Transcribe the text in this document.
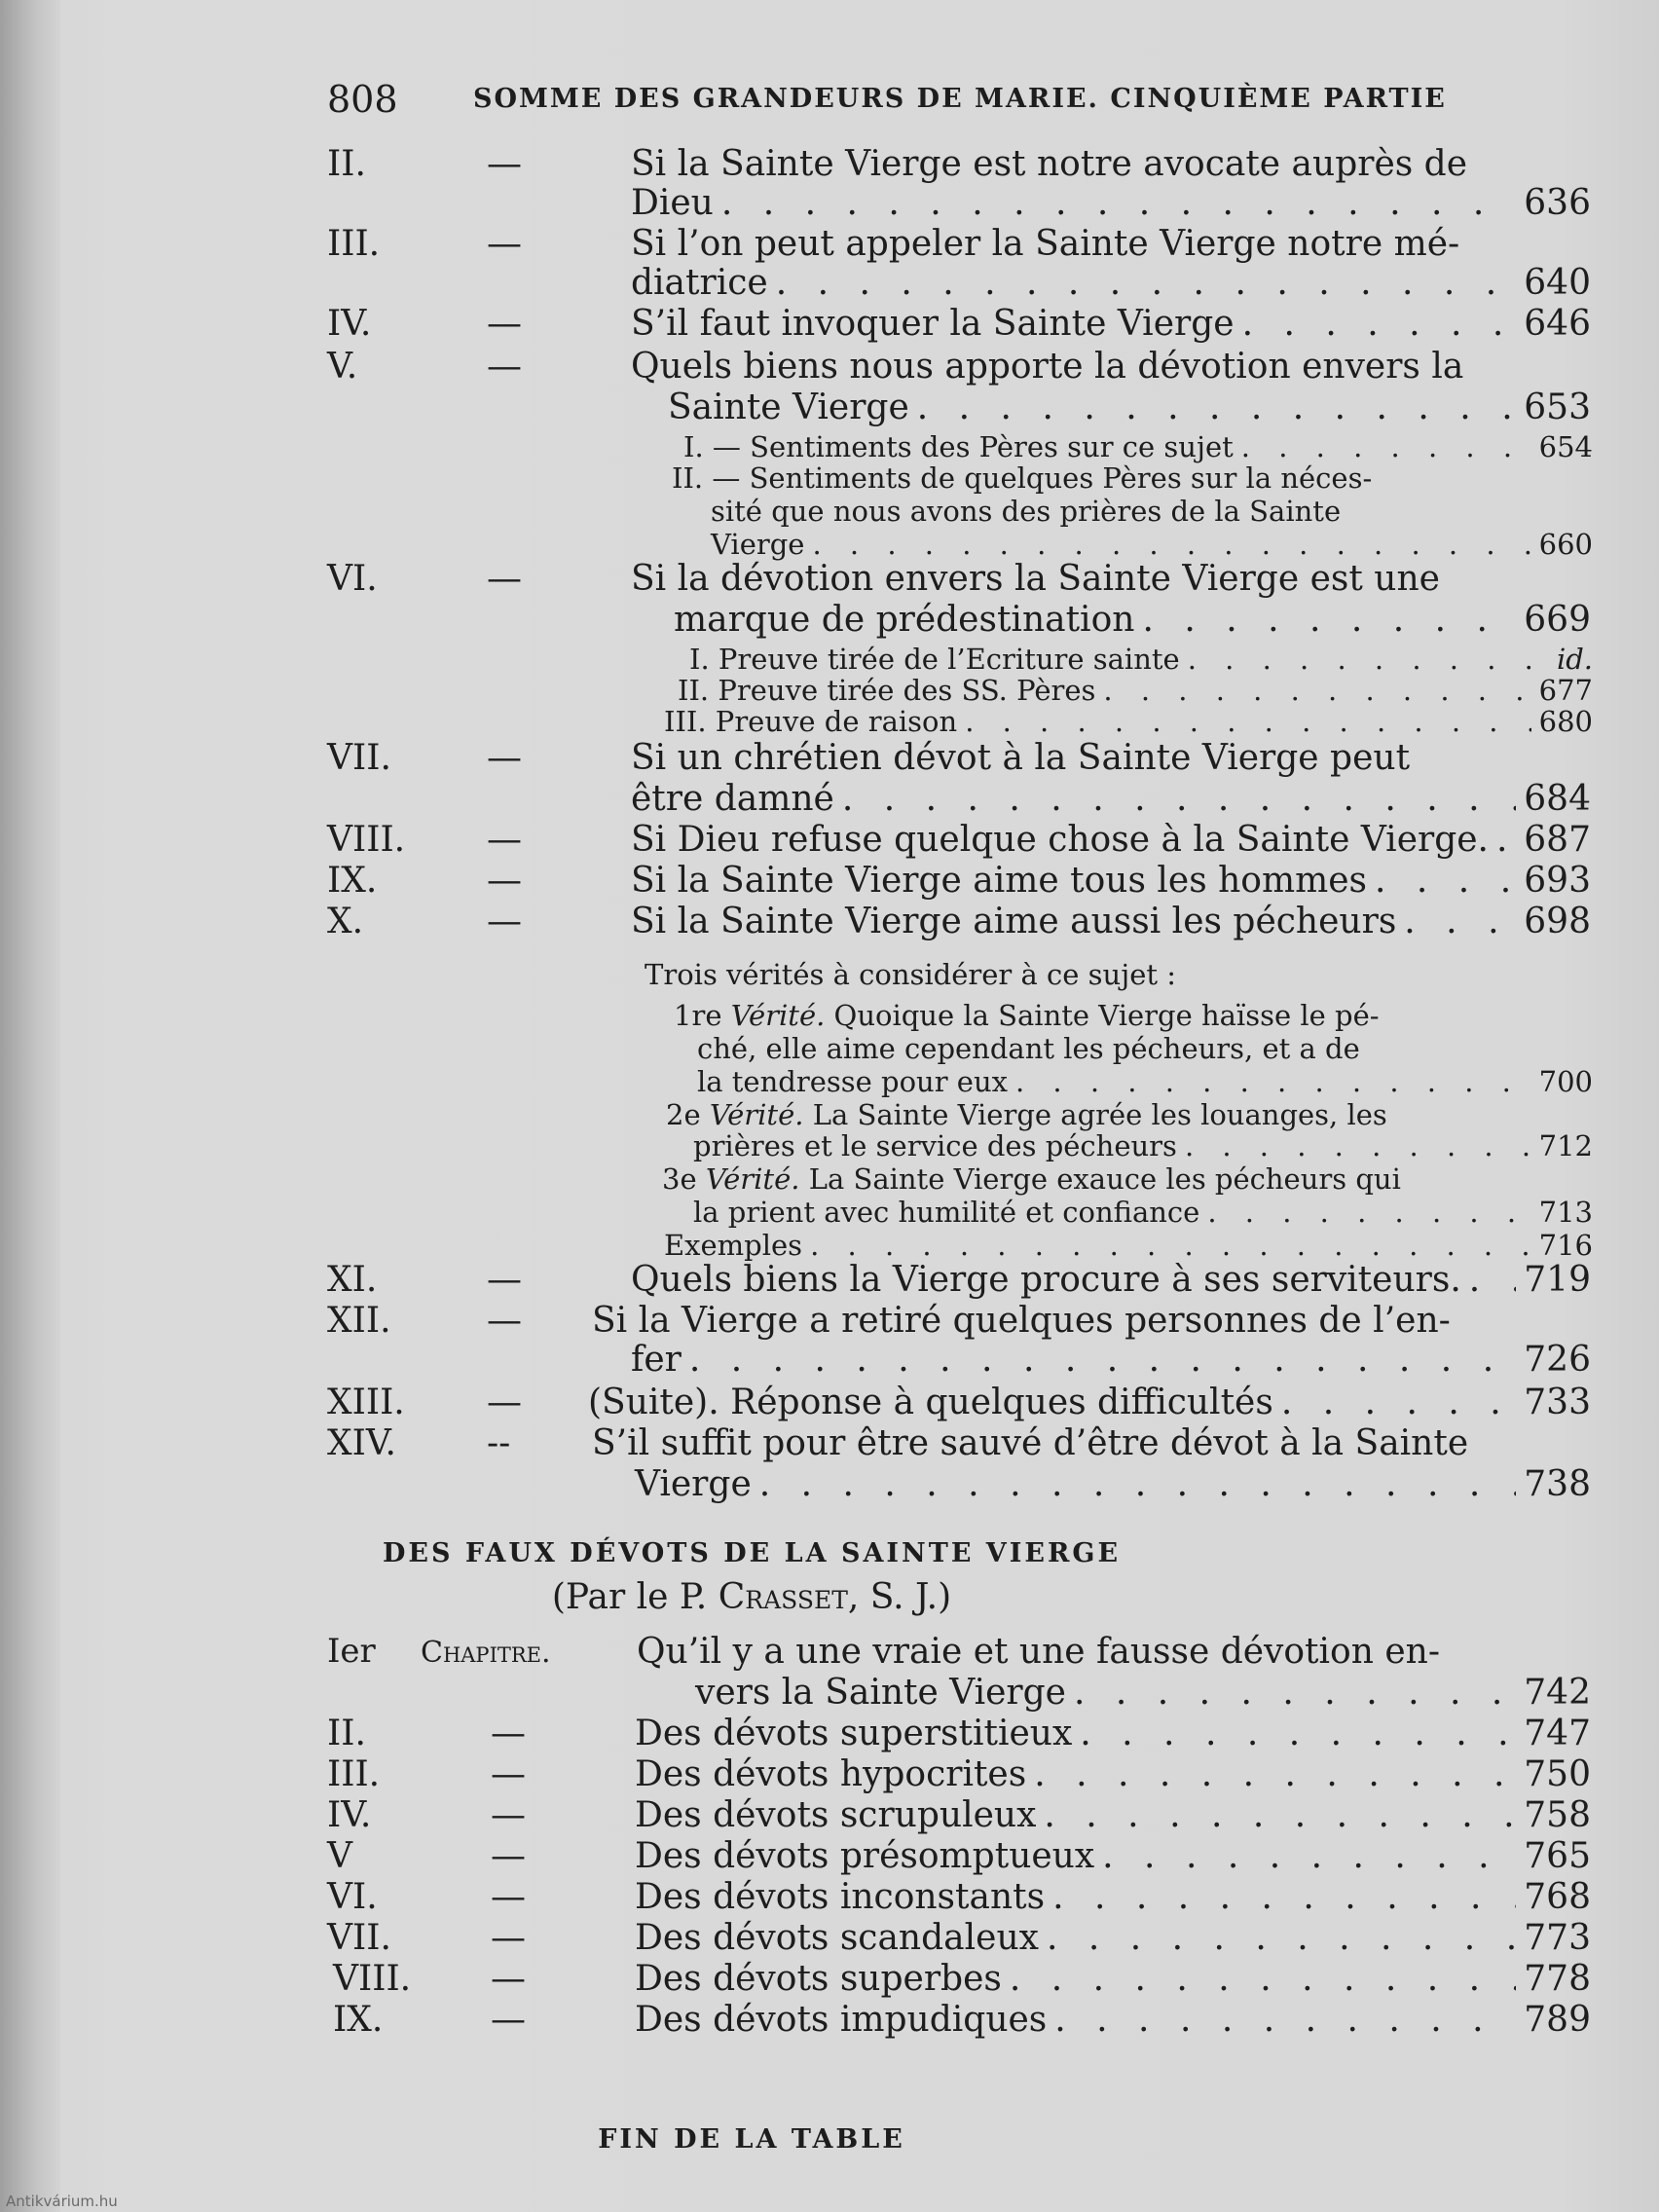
808	SOMME DES GRANDEURS DE MARIE. CINQUIÈME PARTIE
II.	—	Si la Sainte Vierge est notre avocate auprès de
Dieu . . .	636
III.	—	Si l’on peut appeler la Sainte Vierge notre mé-
diatrice . . .	640
IV.	—	S’il faut invoquer la Sainte Vierge . . .	646
V.	—	Quels biens nous apporte la dévotion envers la
Sainte Vierge . . .	653
I. — Sentiments des Pères sur ce sujet . . .	654
II. — Sentiments de quelques Pères sur la néces-
sité que nous avons des prières de la Sainte
Vierge . . .	660
VI.	—	Si la dévotion envers la Sainte Vierge est une
marque de prédestination . . .	669
I. Preuve tirée de l’Ecriture sainte . . .	id.
II. Preuve tirée des SS. Pères . . .	677
III. Preuve de raison . . .	680
VII.	—	Si un chrétien dévot à la Sainte Vierge peut
être damné . . .	684
VIII. —	Si Dieu refuse quelque chose à la Sainte Vierge. . . . 687
IX.	—	Si la Sainte Vierge aime tous les hommes . . .	693
X.	—	Si la Sainte Vierge aime aussi les pécheurs . . .	698
Trois vérités à considérer à ce sujet :
1re Vérité. Quoique la Sainte Vierge haïsse le pé-
ché, elle aime cependant les pécheurs, et a de
la tendresse pour eux . . .	700
2e Vérité. La Sainte Vierge agrée les louanges, les
prières et le service des pécheurs . . .	712
3e Vérité. La Sainte Vierge exauce les pécheurs qui
la prient avec humilité et confiance . . .	713
Exemples . . .	716
XI.	—	Quels biens la Vierge procure à ses serviteurs. . . . 719
XII.	— Si la Vierge a retiré quelques personnes de l’en-
fer . . .	726
XIII. — (Suite). Réponse à quelques difficultés . . .	733
XIV.	-- S’il suffit pour être sauvé d’être dévot à la Sainte
Vierge . . .	738
DES FAUX DÉVOTS DE LA SAINTE VIERGE
(Par le P. Crasset, S. J.)
Ier Chapitre. Qu’il y a une vraie et une fausse dévotion en-
vers la Sainte Vierge . . .	742
II.	—	Des dévots superstitieux . . .	747
III.	—	Des dévots hypocrites . . .	750
IV.	—	Des dévots scrupuleux . . .	758
V	—	Des dévots présomptueux . . .	765
VI.	—	Des dévots inconstants . . .	768
VII.	—	Des dévots scandaleux . . .	773
VIII. —	Des dévots superbes . . .	778
IX.	—	Des dévots impudiques . . .	789
FIN DE LA TABLE
Antikvárium.hu
